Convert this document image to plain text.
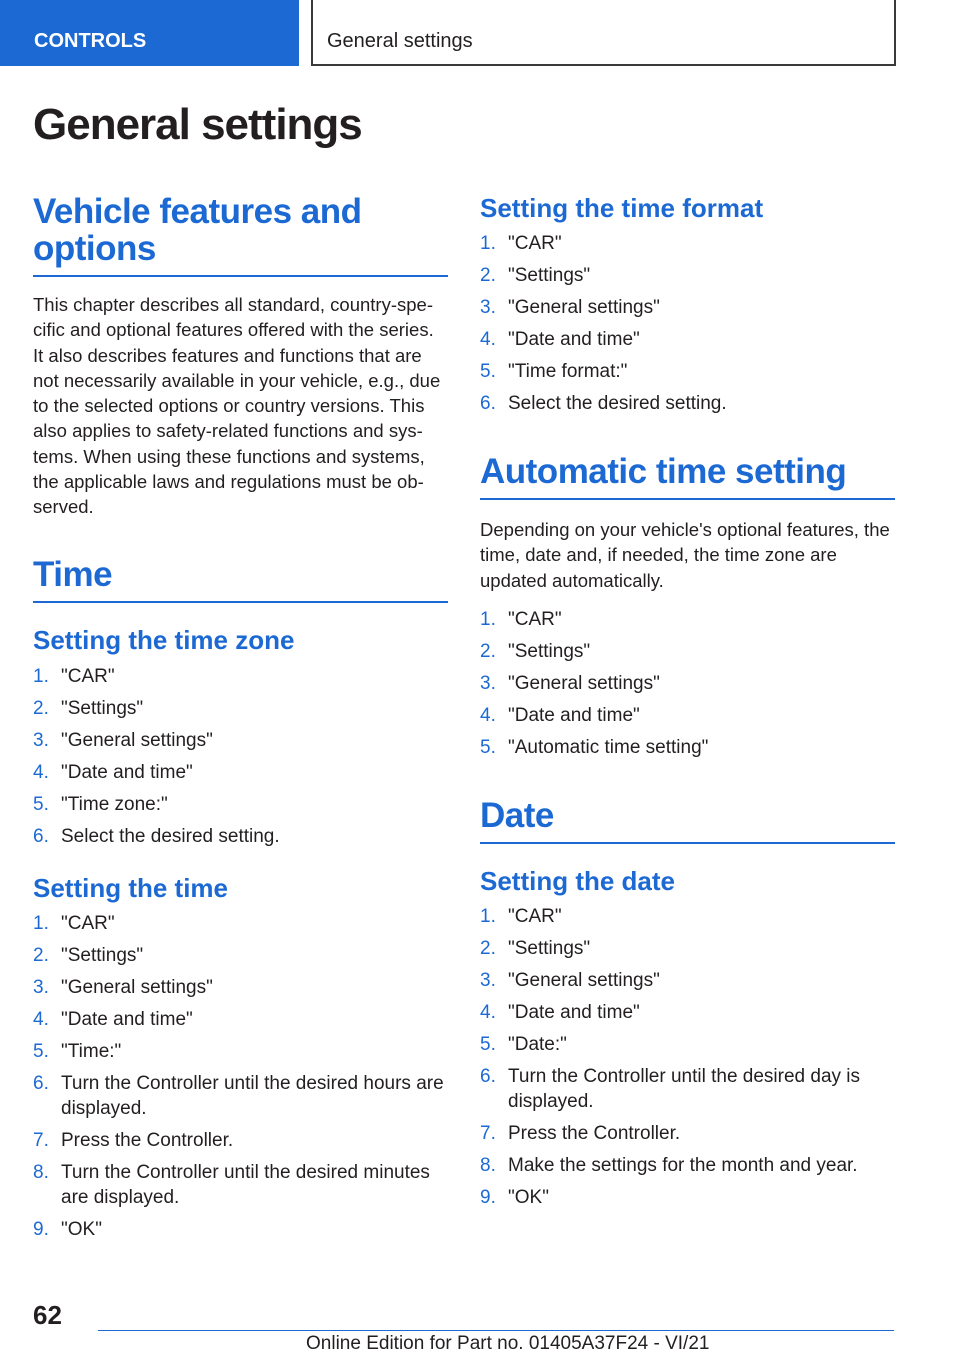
CONTROLS	General settings
General settings
Vehicle features and options

This chapter describes all standard, country-specific and optional features offered with the series. It also describes features and functions that are not necessarily available in your vehicle, e.g., due to the selected options or country versions. This also applies to safety-related functions and systems. When using these functions and systems, the applicable laws and regulations must be observed.

Time
Setting the time zone
1. "CAR"
2. "Settings"
3. "General settings"
4. "Date and time"
5. "Time zone:"
6. Select the desired setting.
Setting the time
1. "CAR"
2. "Settings"
3. "General settings"
4. "Date and time"
5. "Time:"
6. Turn the Controller until the desired hours are displayed.
7. Press the Controller.
8. Turn the Controller until the desired minutes are displayed.
9. "OK"
Setting the time format
1. "CAR"
2. "Settings"
3. "General settings"
4. "Date and time"
5. "Time format:"
6. Select the desired setting.
Automatic time setting

Depending on your vehicle's optional features, the time, date and, if needed, the time zone are updated automatically.

1. "CAR"
2. "Settings"
3. "General settings"
4. "Date and time"
5. "Automatic time setting"
Date
Setting the date
1. "CAR"
2. "Settings"
3. "General settings"
4. "Date and time"
5. "Date:"
6. Turn the Controller until the desired day is displayed.
7. Press the Controller.
8. Make the settings for the month and year.
9. "OK"
62
Online Edition for Part no. 01405A37F24 - VI/21
